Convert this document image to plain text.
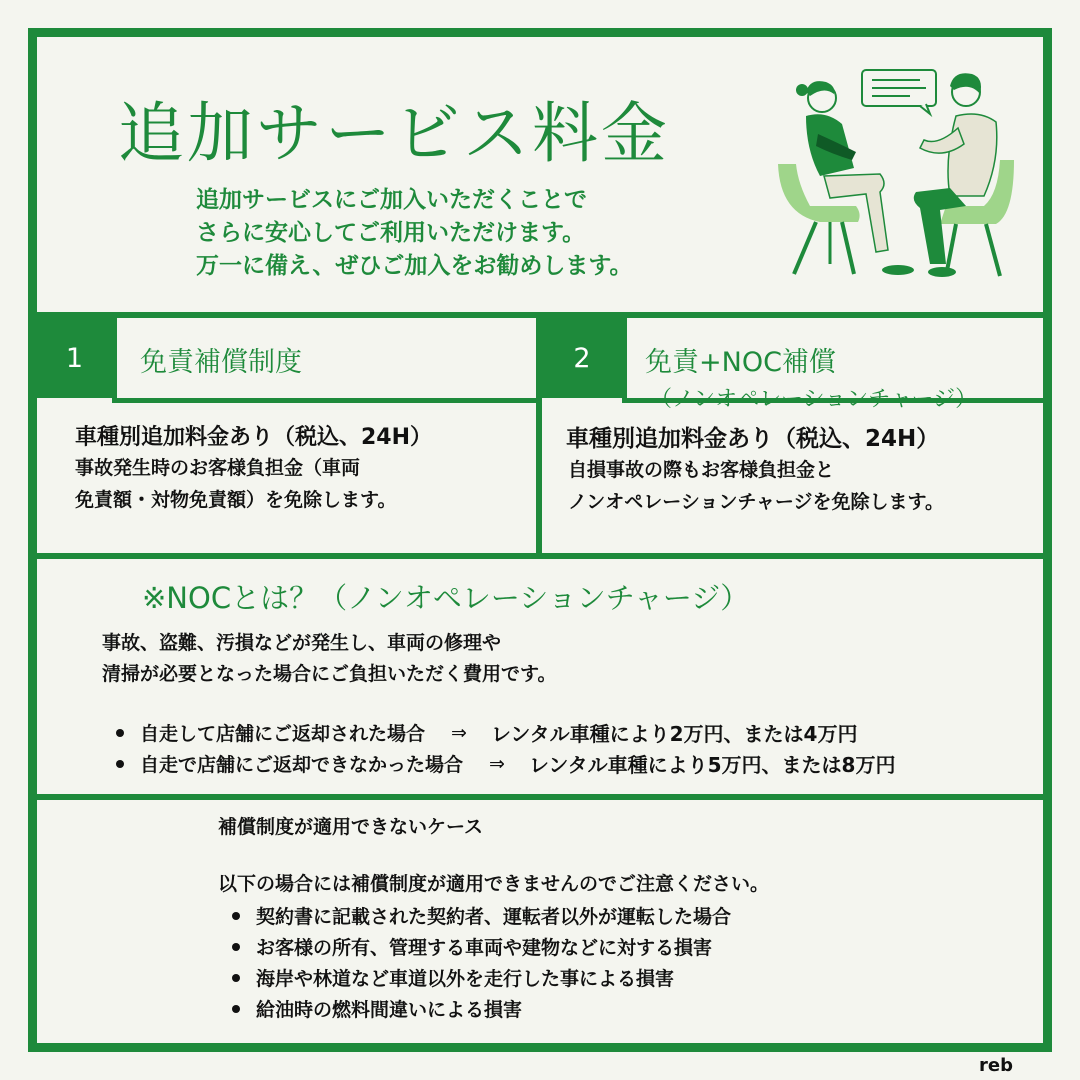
追加サービス料金
追加サービスにご加入いただくことで
さらに安心してご利用いただけます。
万一に備え、ぜひご加入をお勧めします。
1	免責補償制度
車種別追加料金あり（税込、24H）
事故発生時のお客様負担金（車両
免責額・対物免責額）を免除します。
2	免責+NOC補償
（ノンオペレーションチャージ）
車種別追加料金あり（税込、24H）
自損事故の際もお客様負担金と
ノンオペレーションチャージを免除します。
※NOCとは？（ノンオペレーションチャージ）
事故、盗難、汚損などが発生し、車両の修理や
清掃が必要となった場合にご負担いただく費用です。
自走して店舗にご返却された場合 ⇒ レンタル車種により2万円、または4万円
自走で店舗にご返却できなかった場合 ⇒ レンタル車種により5万円、または8万円
補償制度が適用できないケース
以下の場合には補償制度が適用できませんのでご注意ください。
契約書に記載された契約者、運転者以外が運転した場合
お客様の所有、管理する車両や建物などに対する損害
海岸や林道など車道以外を走行した事による損害
給油時の燃料間違いによる損害
reb
